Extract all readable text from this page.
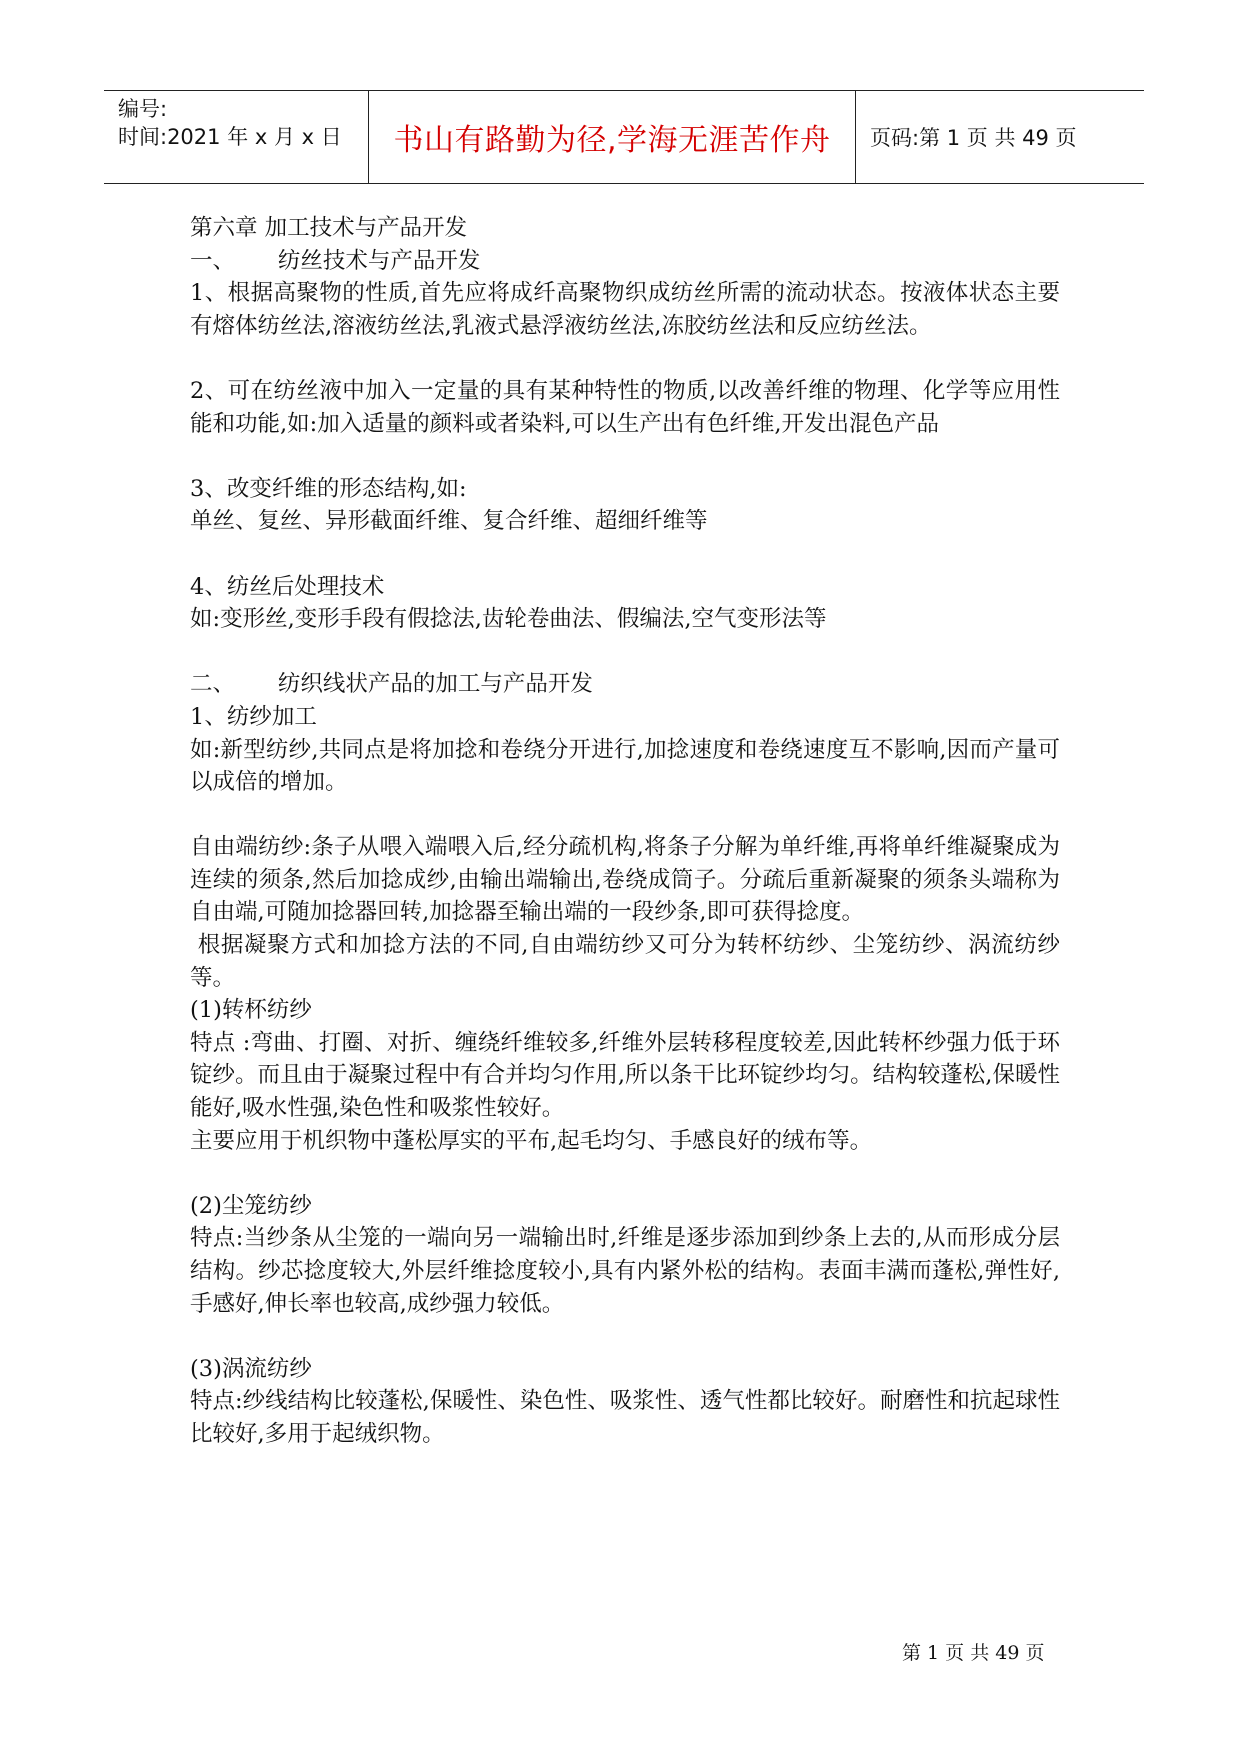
编号:
时间:2021 年 x 月 x 日 书山有路勤为径,学海无涯苦作舟 页码:第 1 页 共 49 页

第六章 加工技术与产品开发

一、      纺丝技术与产品开发

1、根据高聚物的性质,首先应将成纤高聚物织成纺丝所需的流动状态。按液体状态主要有熔体纺丝法,溶液纺丝法,乳液式悬浮液纺丝法,冻胶纺丝法和反应纺丝法。

2、可在纺丝液中加入一定量的具有某种特性的物质,以改善纤维的物理、化学等应用性能和功能,如:加入适量的颜料或者染料,可以生产出有色纤维,开发出混色产品

3、改变纤维的形态结构,如:

单丝、复丝、异形截面纤维、复合纤维、超细纤维等

4、纺丝后处理技术

如:变形丝,变形手段有假捻法,齿轮卷曲法、假编法,空气变形法等

二、      纺织线状产品的加工与产品开发

1、纺纱加工

如:新型纺纱,共同点是将加捻和卷绕分开进行,加捻速度和卷绕速度互不影响,因而产量可以成倍的增加。

自由端纺纱:条子从喂入端喂入后,经分疏机构,将条子分解为单纤维,再将单纤维凝聚成为连续的须条,然后加捻成纱,由输出端输出,卷绕成筒子。分疏后重新凝聚的须条头端称为自由端,可随加捻器回转,加捻器至输出端的一段纱条,即可获得捻度。

根据凝聚方式和加捻方法的不同,自由端纺纱又可分为转杯纺纱、尘笼纺纱、涡流纺纱等。

(1)转杯纺纱

特点 :弯曲、打圈、对折、缠绕纤维较多,纤维外层转移程度较差,因此转杯纱强力低于环锭纱。而且由于凝聚过程中有合并均匀作用,所以条干比环锭纱均匀。结构较蓬松,保暖性能好,吸水性强,染色性和吸浆性较好。

主要应用于机织物中蓬松厚实的平布,起毛均匀、手感良好的绒布等。

(2)尘笼纺纱

特点:当纱条从尘笼的一端向另一端输出时,纤维是逐步添加到纱条上去的,从而形成分层结构。纱芯捻度较大,外层纤维捻度较小,具有内紧外松的结构。表面丰满而蓬松,弹性好,手感好,伸长率也较高,成纱强力较低。

(3)涡流纺纱

特点:纱线结构比较蓬松,保暖性、染色性、吸浆性、透气性都比较好。耐磨性和抗起球性比较好,多用于起绒织物。

第 1 页 共 49 页
